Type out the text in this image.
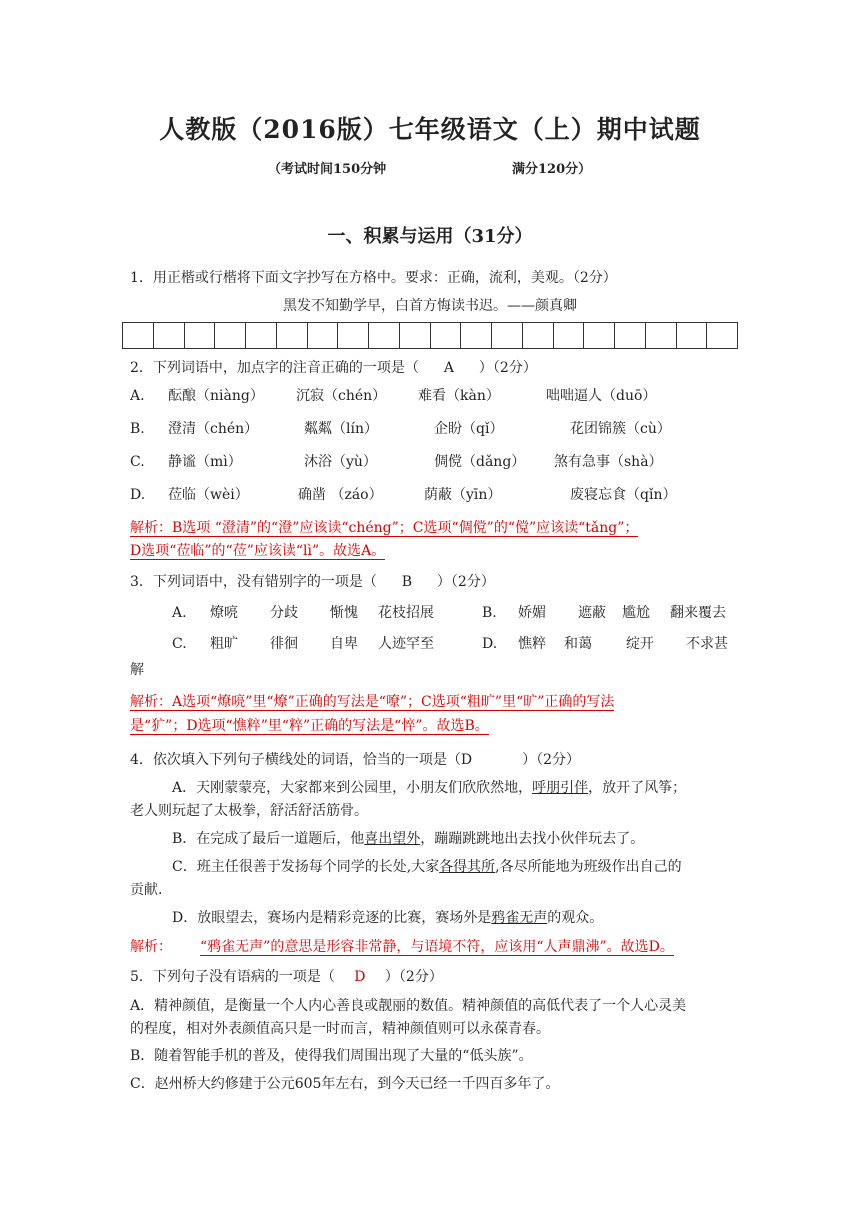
人教版（2016版）七年级语文（上）期中试题
（考试时间150分钟	满分120分）
一、积累与运用（31分）
1．用正楷或行楷将下面文字抄写在方格中。要求：正确，流利，美观。（2分）
黑发不知勤学早，白首方悔读书迟。——颜真卿
2．下列词语中，加点字的注音正确的一项是（ A ）（2分）
A. 酝酿（niàng） 沉寂（chén） 难看（kàn）	咄咄逼人（duō）
B. 澄清（chén）	粼粼（lín）	企盼（qǐ）	花团锦簇（cù）
C. 静谧（mì）	沐浴（yù）	倜傥（dǎng） 煞有急事（shà）
D. 莅临（wèi）	确凿 （záo）	荫蔽（yīn）	废寝忘食（qǐn）
解析：B选项 “澄清”的“澄”应该读“chéng”；C选项“倜傥”的“傥”应该读“tǎng”；
D选项“莅临”的“莅”应该读“lì”。故选A。
3．下列词语中，没有错别字的一项是（ B ）（2分）
A. 燎喨 分歧 惭愧 花枝招展	B. 娇媚 遮蔽 尴尬 翻来覆去
C. 粗旷 徘徊 自卑 人迹罕至	D. 憔粹 和蔼 绽开 不求甚
解
解析：A选项“燎喨”里“燎”正确的写法是“嘹”；C选项“粗旷”里“旷”正确的写法
是“犷”；D选项“憔粹”里“粹”正确的写法是“悴”。故选B。
4．依次填入下列句子横线处的词语，恰当的一项是（D	）（2分）
A．天刚蒙蒙亮，大家都来到公园里，小朋友们欣欣然地，呼朋引伴，放开了风筝；
老人则玩起了太极拳，舒活舒活筋骨。
B．在完成了最后一道题后，他喜出望外，蹦蹦跳跳地出去找小伙伴玩去了。
C．班主任很善于发扬每个同学的长处,大家各得其所,各尽所能地为班级作出自己的
贡献.
D．放眼望去，赛场内是精彩竞逐的比赛，赛场外是鸦雀无声的观众。
解析： “鸦雀无声”的意思是形容非常静，与语境不符，应该用“人声鼎沸”。故选D。
5．下列句子没有语病的一项是（ D ）（2分）
A．精神颜值，是衡量一个人内心善良或靓丽的数值。精神颜值的高低代表了一个人心灵美
的程度，相对外表颜值高只是一时而言，精神颜值则可以永葆青春。
B．随着智能手机的普及，使得我们周围出现了大量的“低头族”。
C．赵州桥大约修建于公元605年左右，到今天已经一千四百多年了。
